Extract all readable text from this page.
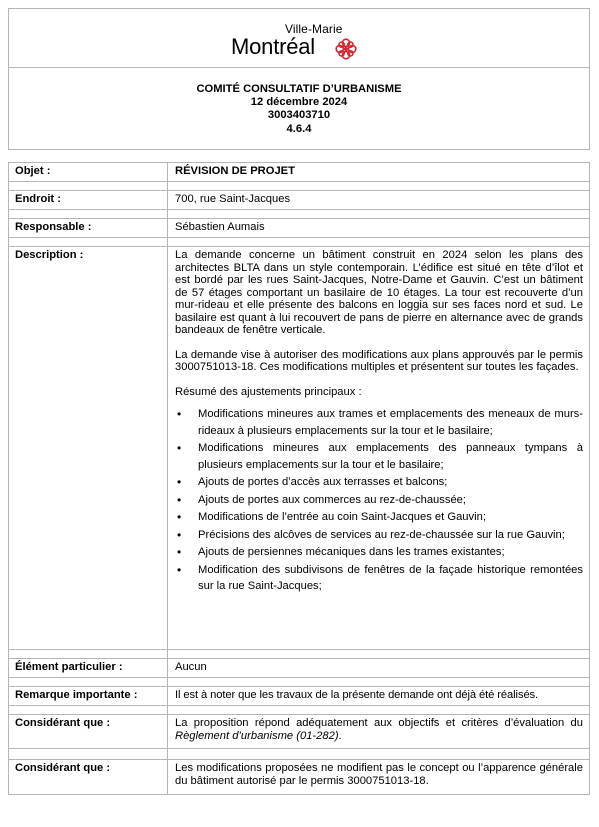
Ville-Marie
Montréal
COMITÉ CONSULTATIF D’URBANISME
12 décembre 2024
3003403710
4.6.4
Objet :	RÉVISION DE PROJET
Endroit :	700, rue Saint-Jacques
Responsable :	Sébastien Aumais
Description :	La demande concerne un bâtiment construit en 2024 selon les plans des architectes BLTA dans un style contemporain. L’édifice est situé en tête d’îlot et est bordé par les rues Saint-Jacques, Notre-Dame et Gauvin. C’est un bâtiment de 57 étages comportant un basilaire de 10 étages. La tour est recouverte d’un mur-rideau et elle présente des balcons en loggia sur ses faces nord et sud. Le basilaire est quant à lui recouvert de pans de pierre en alternance avec de grands bandeaux de fenêtre verticale.

La demande vise à autoriser des modifications aux plans approuvés par le permis 3000751013-18. Ces modifications multiples et présentent sur toutes les façades.

Résumé des ajustements principaux :

• Modifications mineures aux trames et emplacements des meneaux de murs-rideaux à plusieurs emplacements sur la tour et le basilaire;
• Modifications mineures aux emplacements des panneaux tympans à plusieurs emplacements sur la tour et le basilaire;
• Ajouts de portes d’accès aux terrasses et balcons;
• Ajouts de portes aux commerces au rez-de-chaussée;
• Modifications de l’entrée au coin Saint-Jacques et Gauvin;
• Précisions des alcôves de services au rez-de-chaussée sur la rue Gauvin;
• Ajouts de persiennes mécaniques dans les trames existantes;
• Modification des subdivisons de fenêtres de la façade historique remontées sur la rue Saint-Jacques;
Élément particulier :	Aucun
Remarque importante :	Il est à noter que les travaux de la présente demande ont déjà été réalisés.
Considérant que :	La proposition répond adéquatement aux objectifs et critères d’évaluation du Règlement d’urbanisme (01-282).
Considérant que :	Les modifications proposées ne modifient pas le concept ou l’apparence générale du bâtiment autorisé par le permis 3000751013-18.
